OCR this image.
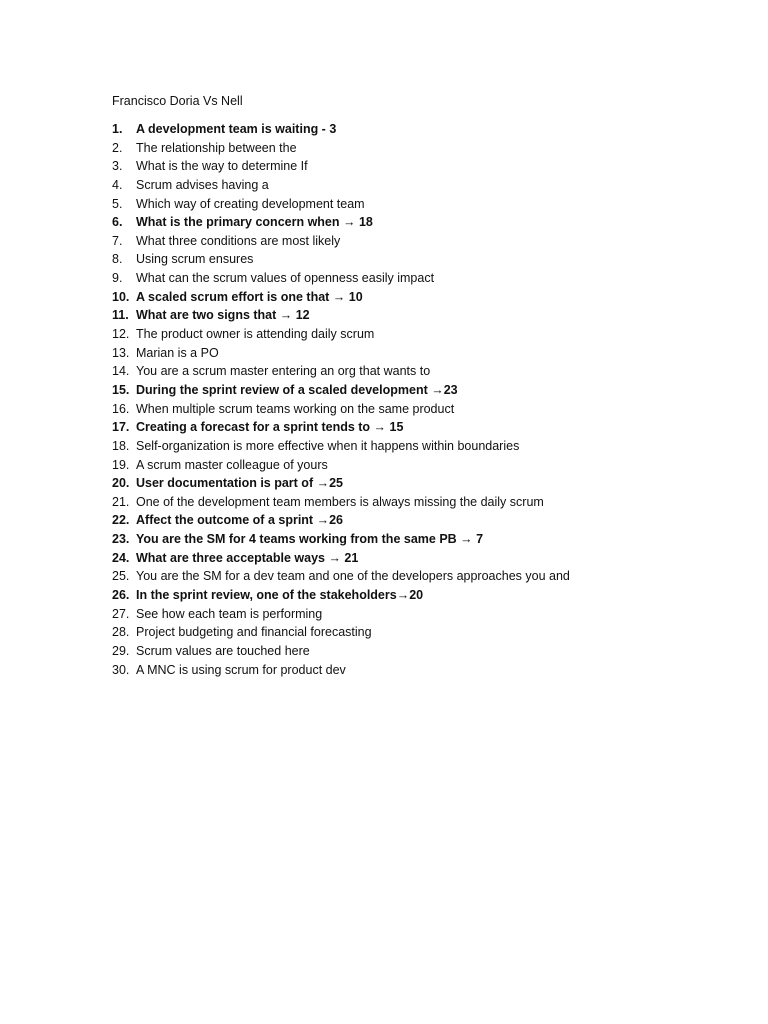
Francisco Doria Vs Nell
1. A development team is waiting - 3
2. The relationship between the
3. What is the way to determine If
4. Scrum advises having a
5. Which way of creating development team
6. What is the primary concern when → 18
7. What three conditions are most likely
8. Using scrum ensures
9. What can the scrum values of openness easily impact
10. A scaled scrum effort is one that → 10
11. What are two signs that → 12
12. The product owner is attending daily scrum
13. Marian is a PO
14. You are a scrum master entering an org that wants to
15. During the sprint review of a scaled development →23
16. When multiple scrum teams working on the same product
17. Creating a forecast for a sprint tends to → 15
18. Self-organization is more effective when it happens within boundaries
19. A scrum master colleague of yours
20. User documentation is part of →25
21. One of the development team members is always missing the daily scrum
22. Affect the outcome of a sprint →26
23. You are the SM for 4 teams working from the same PB → 7
24. What are three acceptable ways → 21
25. You are the SM for a dev team and one of the developers approaches you and
26. In the sprint review, one of the stakeholders→20
27. See how each team is performing
28. Project budgeting and financial forecasting
29. Scrum values are touched here
30. A MNC is using scrum for product dev
